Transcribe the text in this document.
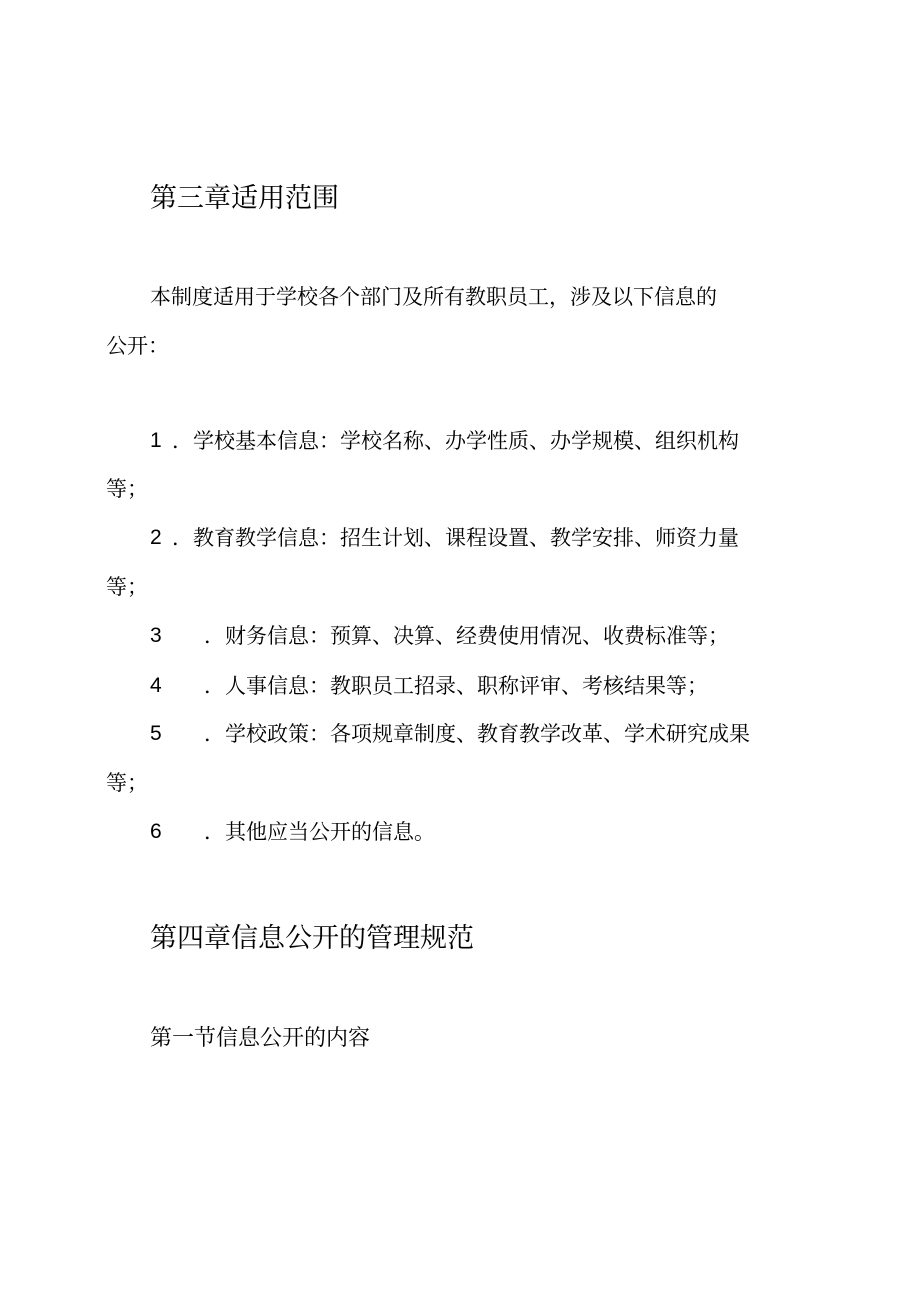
第三章适用范围
本制度适用于学校各个部门及所有教职员工，涉及以下信息的
公开：
1 ．学校基本信息：学校名称、办学性质、办学规模、组织机构
等；
2 ．教育教学信息：招生计划、课程设置、教学安排、师资力量
等；
3 ．财务信息：预算、决算、经费使用情况、收费标准等；
4 ．人事信息：教职员工招录、职称评审、考核结果等；
5 ．学校政策：各项规章制度、教育教学改革、学术研究成果
等；
6 ．其他应当公开的信息。
第四章信息公开的管理规范
第一节信息公开的内容
